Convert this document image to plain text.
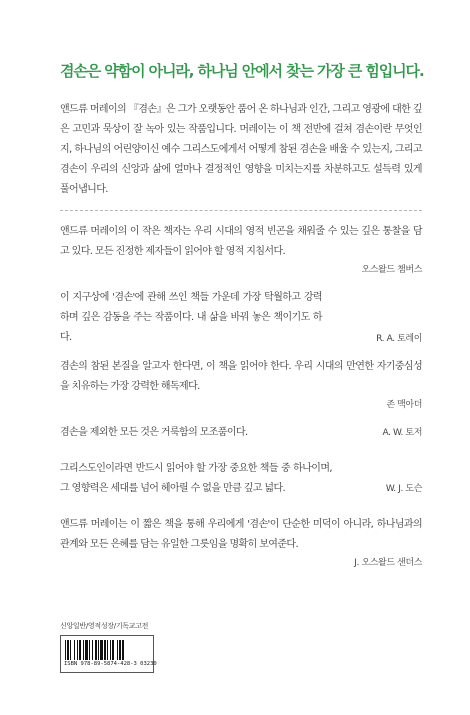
겸손은 약함이 아니라, 하나님 안에서 찾는 가장 큰 힘입니다.

앤드류 머레이의 『겸손』은 그가 오랫동안 품어 온 하나님과 인간, 그리고 영광에 대한 깊은 고민과 묵상이 잘 녹아 있는 작품입니다. 머레이는 이 책 전반에 걸쳐 겸손이란 무엇인지, 하나님의 어린양이신 예수 그리스도에게서 어떻게 참된 겸손을 배울 수 있는지, 그리고 겸손이 우리의 신앙과 삶에 얼마나 결정적인 영향을 미치는지를 차분하고도 설득력 있게 풀어냅니다.

앤드류 머레이의 이 작은 책자는 우리 시대의 영적 빈곤을 채워줄 수 있는 깊은 통찰을 담고 있다. 모든 진정한 제자들이 읽어야 할 영적 지침서다.

오스왈드 챔버스

이 지구상에 '겸손'에 관해 쓰인 책들 가운데 가장 탁월하고 강력하며 깊은 감동을 주는 작품이다. 내 삶을 바꿔 놓은 책이기도 하다.	R. A. 토레이

겸손의 참된 본질을 알고자 한다면, 이 책을 읽어야 한다. 우리 시대의 만연한 자기중심성을 치유하는 가장 강력한 해독제다.

존 맥아더

겸손을 제외한 모든 것은 거룩함의 모조품이다.	A. W. 토저

그리스도인이라면 반드시 읽어야 할 가장 중요한 책들 중 하나이며, 그 영향력은 세대를 넘어 헤아릴 수 없을 만큼 깊고 넓다.	W. J. 도슨

앤드류 머레이는 이 짧은 책을 통해 우리에게 '겸손'이 단순한 미덕이 아니라, 하나님과의 관계와 모든 은혜를 담는 유일한 그릇임을 명확히 보여준다.

J. 오스왈드 샌더스

신앙일반/영적성장/기독교고전
ISBN 978-89-5874-428-3 03230
